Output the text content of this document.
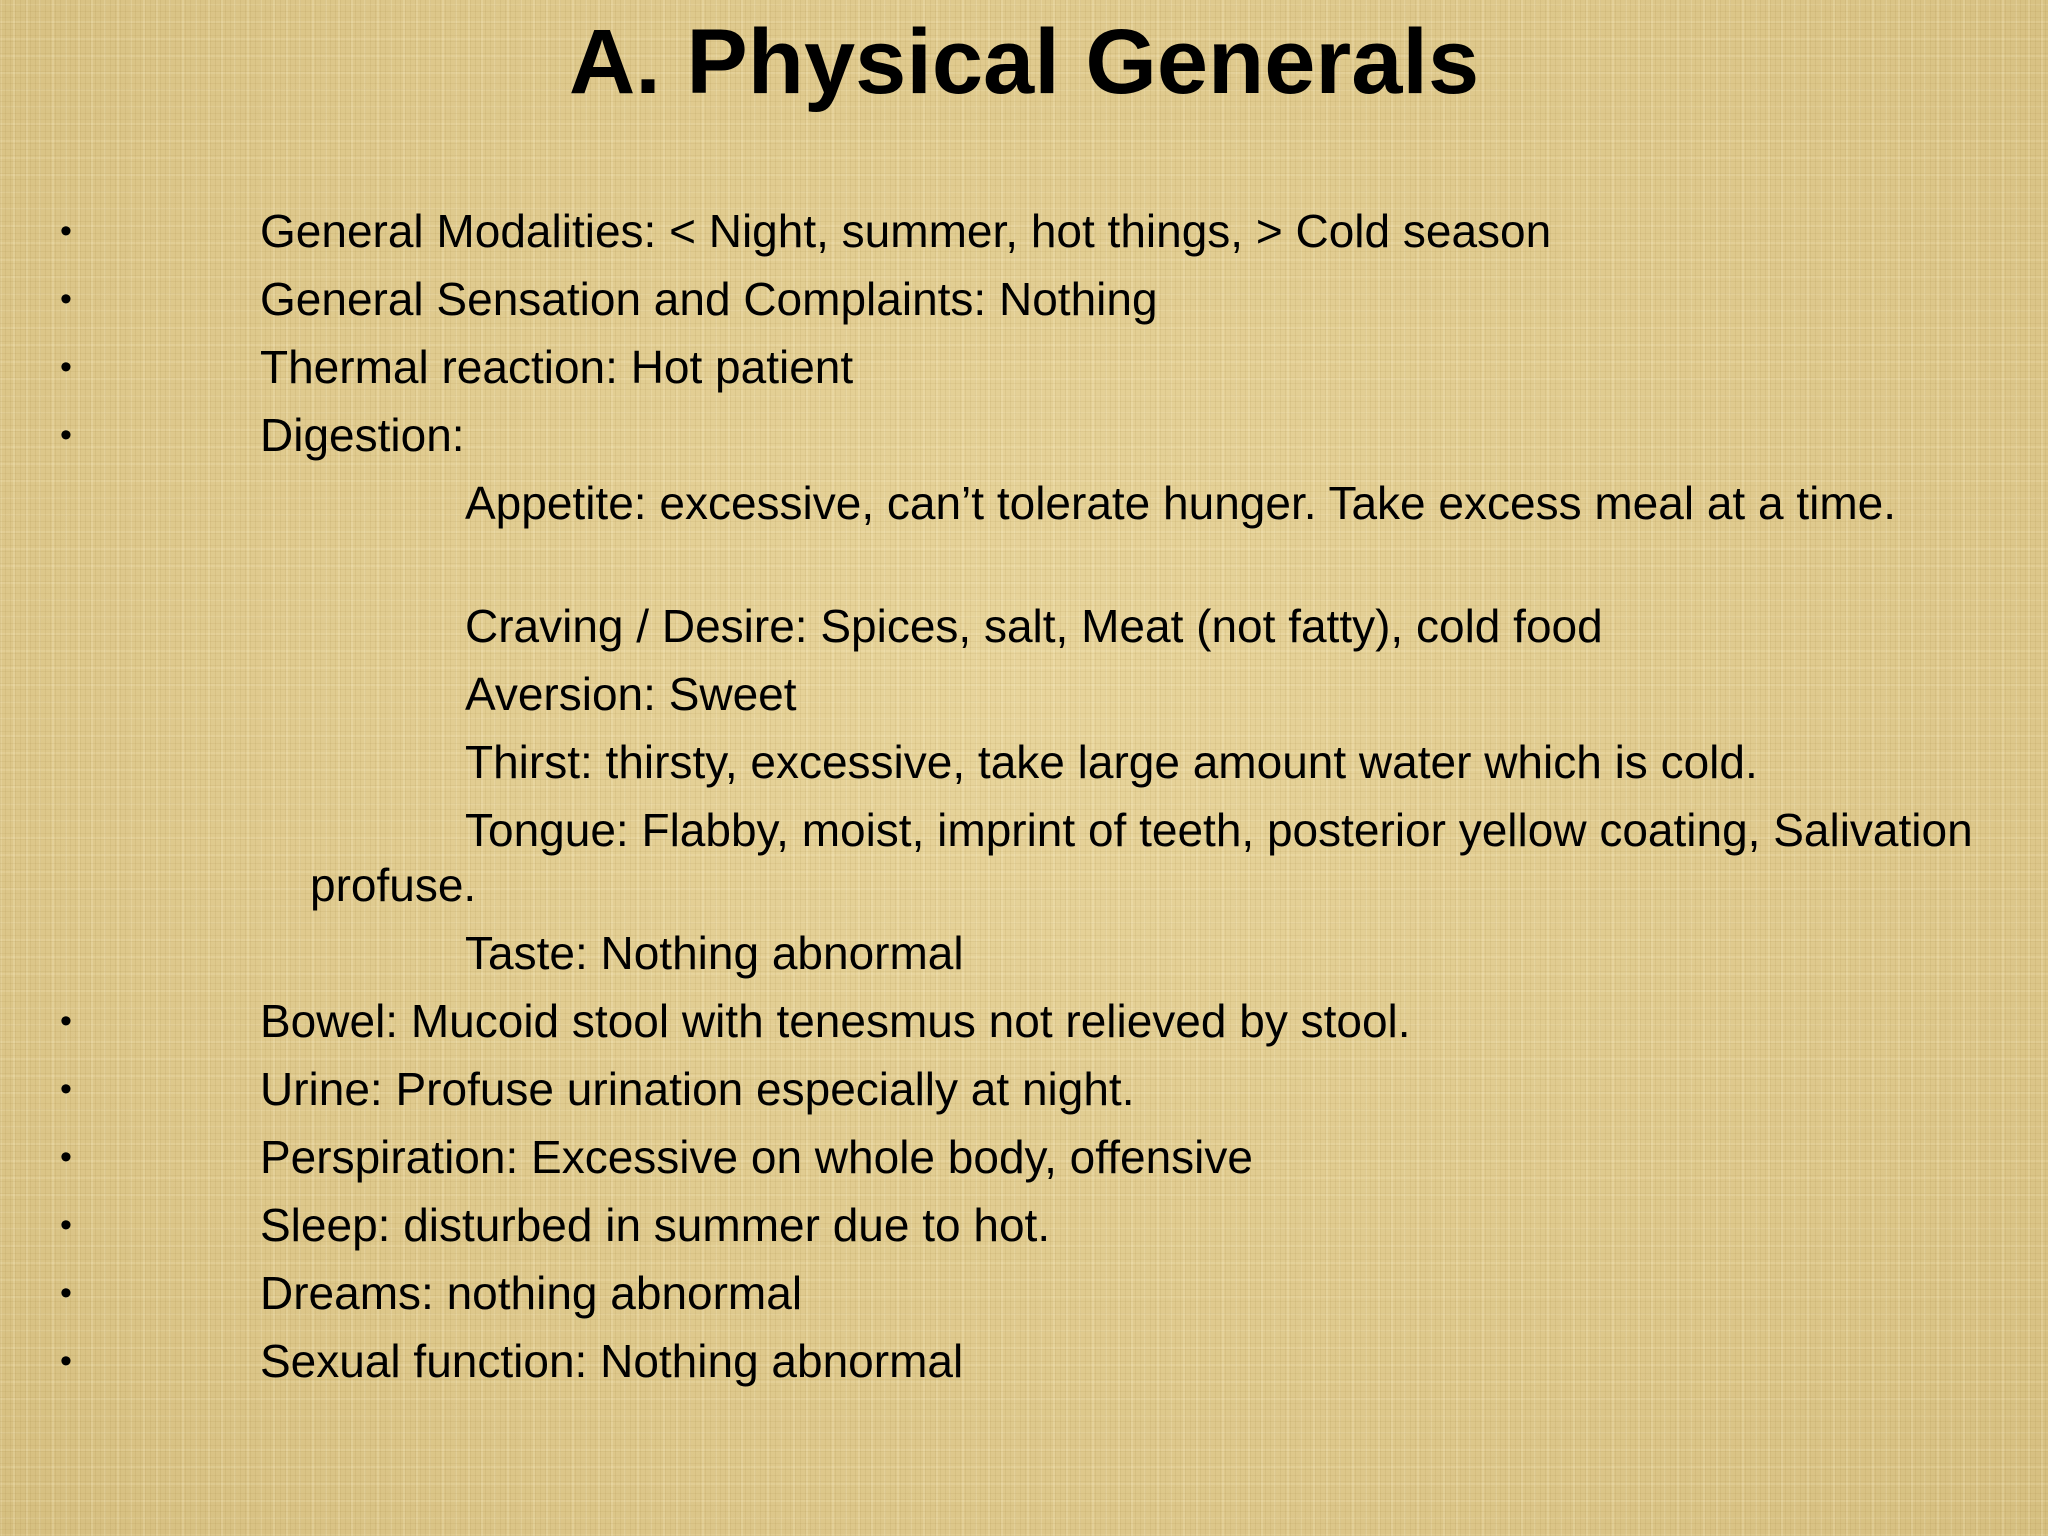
A. Physical Generals
•	General Modalities: < Night, summer, hot things, > Cold season
•	General Sensation and Complaints: Nothing
•	Thermal reaction: Hot patient
•	Digestion:
Appetite: excessive, can’t tolerate hunger. Take excess meal at a time.
Craving / Desire: Spices, salt, Meat (not fatty), cold food
Aversion: Sweet
Thirst: thirsty, excessive, take large amount water which is cold.
Tongue: Flabby, moist, imprint of teeth, posterior yellow coating, Salivation profuse.
Taste: Nothing abnormal
•	Bowel: Mucoid stool with tenesmus not relieved by stool.
•	Urine: Profuse urination especially at night.
•	Perspiration: Excessive on whole body, offensive
•	Sleep: disturbed in summer due to hot.
•	Dreams: nothing abnormal
•	Sexual function: Nothing abnormal
